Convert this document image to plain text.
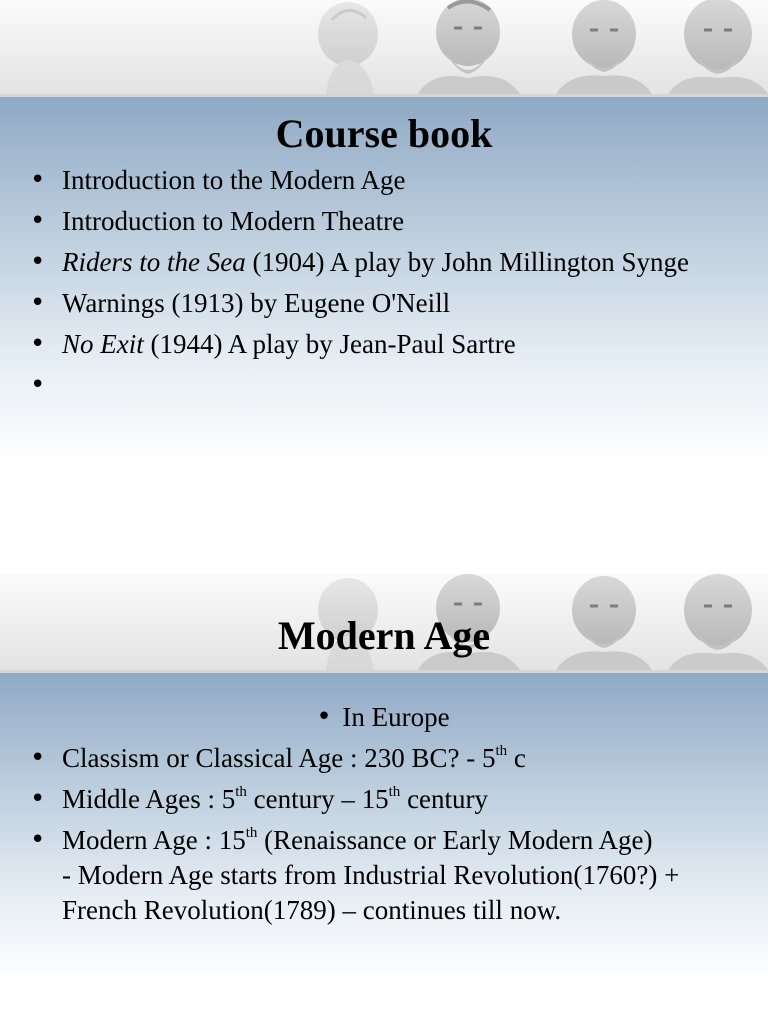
Course book
• Introduction to the Modern Age
• Introduction to Modern Theatre
• Riders to the Sea (1904) A play by John Millington Synge
• Warnings (1913) by Eugene O'Neill
• No Exit (1944) A play by Jean-Paul Sartre
•
Modern Age
• In Europe
• Classism or Classical Age : 230 BC? - 5th c
• Middle Ages : 5th century – 15th century
• Modern Age : 15th (Renaissance or Early Modern Age)
- Modern Age starts from Industrial Revolution(1760?) + French Revolution(1789) – continues till now.
